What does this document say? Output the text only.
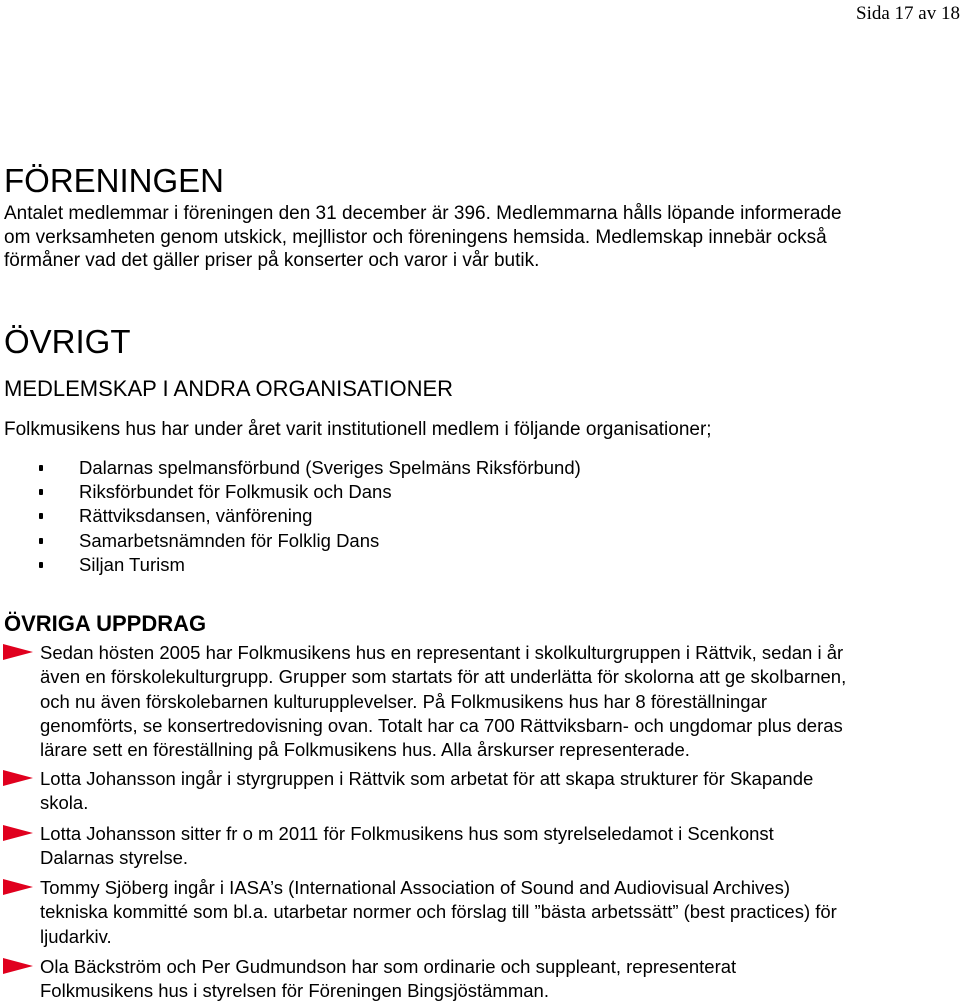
Sida 17 av 18
FÖRENINGEN
Antalet medlemmar i föreningen den 31 december är 396. Medlemmarna hålls löpande informerade
om verksamheten genom utskick, mejllistor och föreningens hemsida. Medlemskap innebär också
förmåner vad det gäller priser på konserter och varor i vår butik.
ÖVRIGT
MEDLEMSKAP I ANDRA ORGANISATIONER

Folkmusikens hus har under året varit institutionell medlem i följande organisationer;

Dalarnas spelmansförbund (Sveriges Spelmäns Riksförbund)
Riksförbundet för Folkmusik och Dans
Rättviksdansen, vänförening
Samarbetsnämnden för Folklig Dans
Siljan Turism
ÖVRIGA UPPDRAG
Sedan hösten 2005 har Folkmusikens hus en representant i skolkulturgruppen i Rättvik, sedan i år
även en förskolekulturgrupp. Grupper som startats för att underlätta för skolorna att ge skolbarnen,
och nu även förskolebarnen kulturupplevelser. På Folkmusikens hus har 8 föreställningar
genomförts, se konsertredovisning ovan. Totalt har ca 700 Rättviksbarn- och ungdomar plus deras
lärare sett en föreställning på Folkmusikens hus. Alla årskurser representerade.
Lotta Johansson ingår i styrgruppen i Rättvik som arbetat för att skapa strukturer för Skapande
skola.
Lotta Johansson sitter fr o m 2011 för Folkmusikens hus som styrelseledamot i Scenkonst
Dalarnas styrelse.
Tommy Sjöberg ingår i IASA’s (International Association of Sound and Audiovisual Archives)
tekniska kommitté som bl.a. utarbetar normer och förslag till ”bästa arbetssätt” (best practices) för
ljudarkiv.
Ola Bäckström och Per Gudmundson har som ordinarie och suppleant, representerat
Folkmusikens hus i styrelsen för Föreningen Bingsjöstämman.
